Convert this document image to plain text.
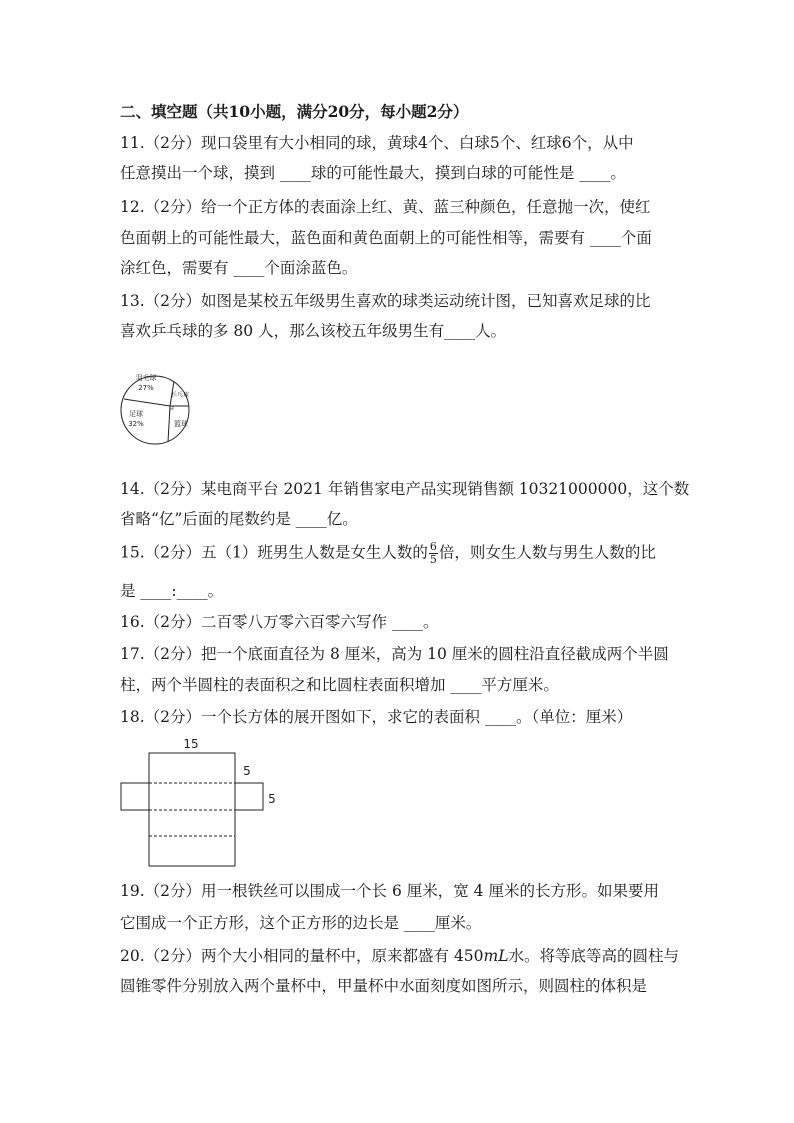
二、填空题（共10小题，满分20分，每小题2分）
11.（2分）现口袋里有大小相同的球，黄球4个、白球5个、红球6个，从中
任意摸出一个球，摸到 ____球的可能性最大，摸到白球的可能性是 ____。
12.（2分）给一个正方体的表面涂上红、黄、蓝三种颜色，任意抛一次，使红
色面朝上的可能性最大，蓝色面和黄色面朝上的可能性相等，需要有 ____个面
涂红色，需要有 ____个面涂蓝色。
13.（2分）如图是某校五年级男生喜欢的球类运动统计图，已知喜欢足球的比
喜欢乒乓球的多 80 人，那么该校五年级男生有____人。
羽毛球
27%
乒乓球
足球
32%	篮球
14.（2分）某电商平台 2021 年销售家电产品实现销售额 10321000000，这个数
省略“亿”后面的尾数约是 ____亿。
15.（2分）五（1）班男生人数是女生人数的 $\frac{6}{5}$ 倍，则女生人数与男生人数的比
是 ____:____。
16.（2分）二百零八万零六百零六写作 ____。
17.（2分）把一个底面直径为 8 厘米，高为 10 厘米的圆柱沿直径截成两个半圆
柱，两个半圆柱的表面积之和比圆柱表面积增加 ____平方厘米。
18.（2分）一个长方体的展开图如下，求它的表面积 ____。（单位：厘米）
15
5
5
19.（2分）用一根铁丝可以围成一个长 6 厘米，宽 4 厘米的长方形。如果要用
它围成一个正方形，这个正方形的边长是 ____厘米。
20.（2分）两个大小相同的量杯中，原来都盛有 450mL水。将等底等高的圆柱与
圆锥零件分别放入两个量杯中，甲量杯中水面刻度如图所示，则圆柱的体积是
